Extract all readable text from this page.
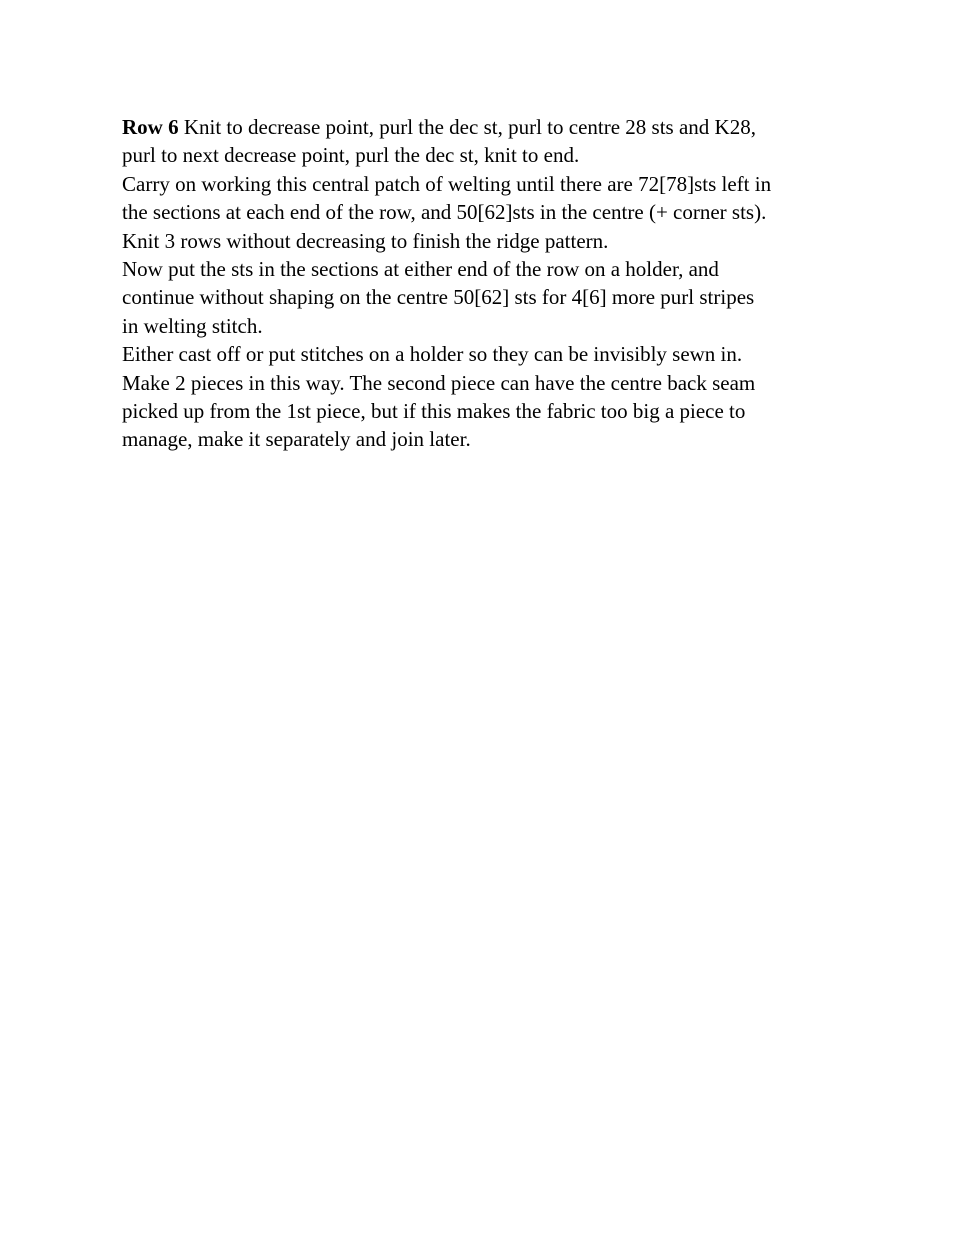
Row 6 Knit to decrease point, purl the dec st, purl to centre 28 sts and K28,
purl to next decrease point, purl the dec st, knit to end.
Carry on working this central patch of welting until there are 72[78]sts left in
the sections at each end of the row, and 50[62]sts in the centre (+ corner sts).
Knit 3 rows without decreasing to finish the ridge pattern.
Now put the sts in the sections at either end of the row on a holder, and
continue without shaping on the centre 50[62] sts for 4[6] more purl stripes
in welting stitch.
Either cast off or put stitches on a holder so they can be invisibly sewn in.
Make 2 pieces in this way. The second piece can have the centre back seam
picked up from the 1st piece, but if this makes the fabric too big a piece to
manage, make it separately and join later.
